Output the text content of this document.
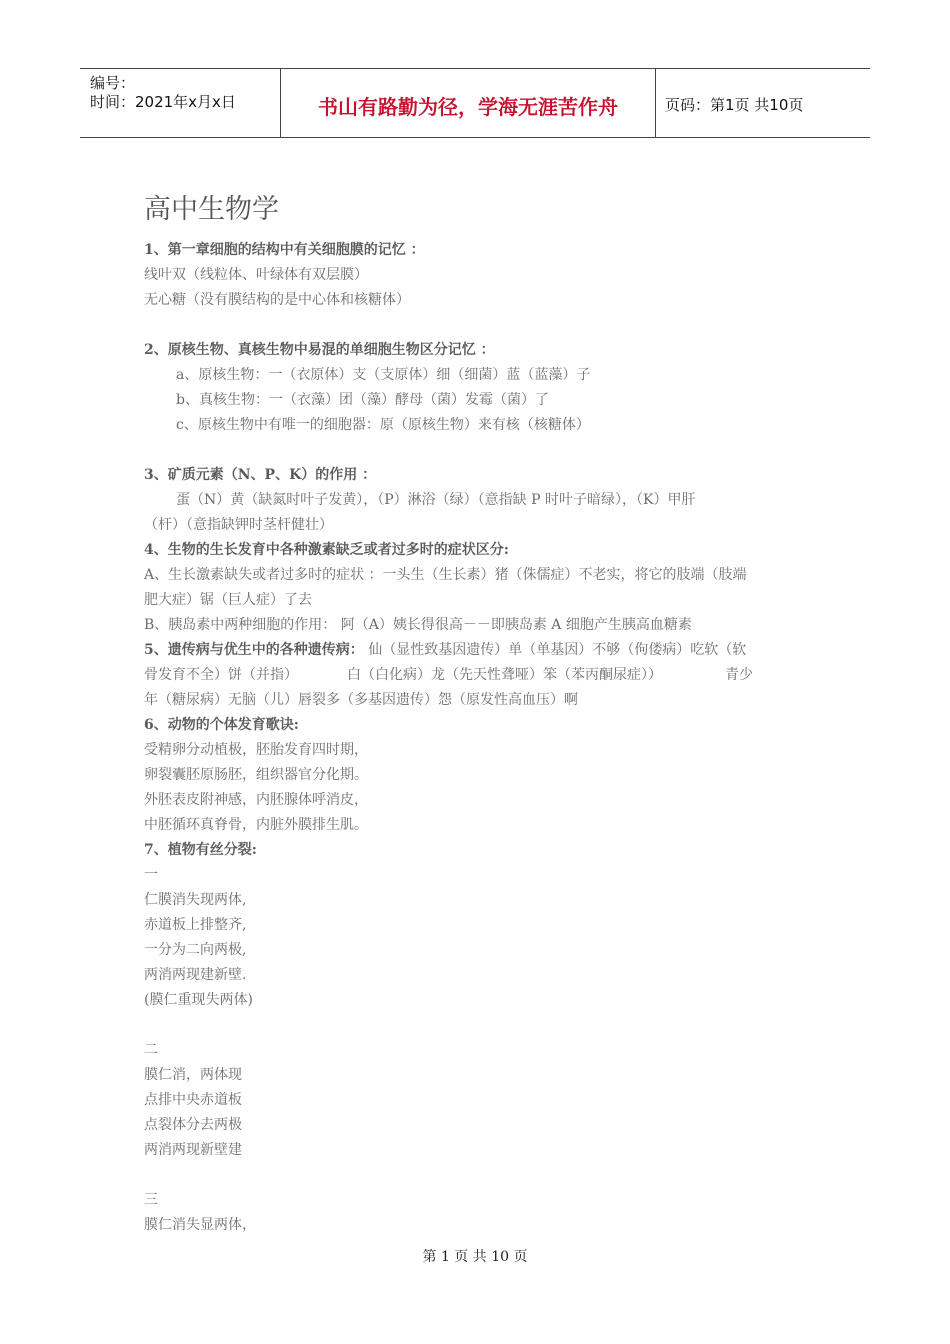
编号：
时间：2021年x月x日	书山有路勤为径，学海无涯苦作舟	页码：第1页 共10页
高中生物学
1、第一章细胞的结构中有关细胞膜的记忆 ：
线叶双（线粒体、叶绿体有双层膜）
无心糖（没有膜结构的是中心体和核糖体）
2、原核生物、真核生物中易混的单细胞生物区分记忆 ：
a、原核生物：一（衣原体）支（支原体）细（细菌）蓝（蓝藻）子
b、真核生物：一（衣藻）团（藻）酵母（菌）发霉（菌）了
c、原核生物中有唯一的细胞器：原（原核生物）来有核（核糖体）
3、矿质元素（N、P、K）的作用 ：
蛋（N）黄（缺氮时叶子发黄），（P）淋浴（绿）（意指缺 P 时叶子暗绿），（K）甲肝
（杆）（意指缺钾时茎杆健壮）
4、生物的生长发育中各种激素缺乏或者过多时的症状区分:
A、生长激素缺失或者过多时的症状 ：一头生（生长素）猪（侏儒症）不老实，将它的肢端（肢端
肥大症）锯（巨人症）了去
B、胰岛素中两种细胞的作用： 阿（A）姨长得很高－－即胰岛素 A 细胞产生胰高血糖素
5、遗传病与优生中的各种遗传病： 仙（显性致基因遗传）单（单基因）不够（佝偻病）吃软（软
骨发育不全）饼（并指）　　　　白（白化病）龙（先天性聋哑）笨（苯丙酮尿症））　　　　　青少
年（糖尿病）无脑（儿）唇裂多（多基因遗传）怨（原发性高血压）啊
6、动物的个体发育歌诀:
受精卵分动植极，胚胎发育四时期，
卵裂囊胚原肠胚，组织器官分化期。
外胚表皮附神感，内胚腺体呼消皮，
中胚循环真脊骨，内脏外膜排生肌。
7、植物有丝分裂:
一
仁膜消失现两体,
赤道板上排整齐,
一分为二向两极,
两消两现建新壁.
(膜仁重现失两体)
二
膜仁消，两体现
点排中央赤道板
点裂体分去两极
两消两现新壁建
三
膜仁消失显两体，
第 1 页 共 10 页
